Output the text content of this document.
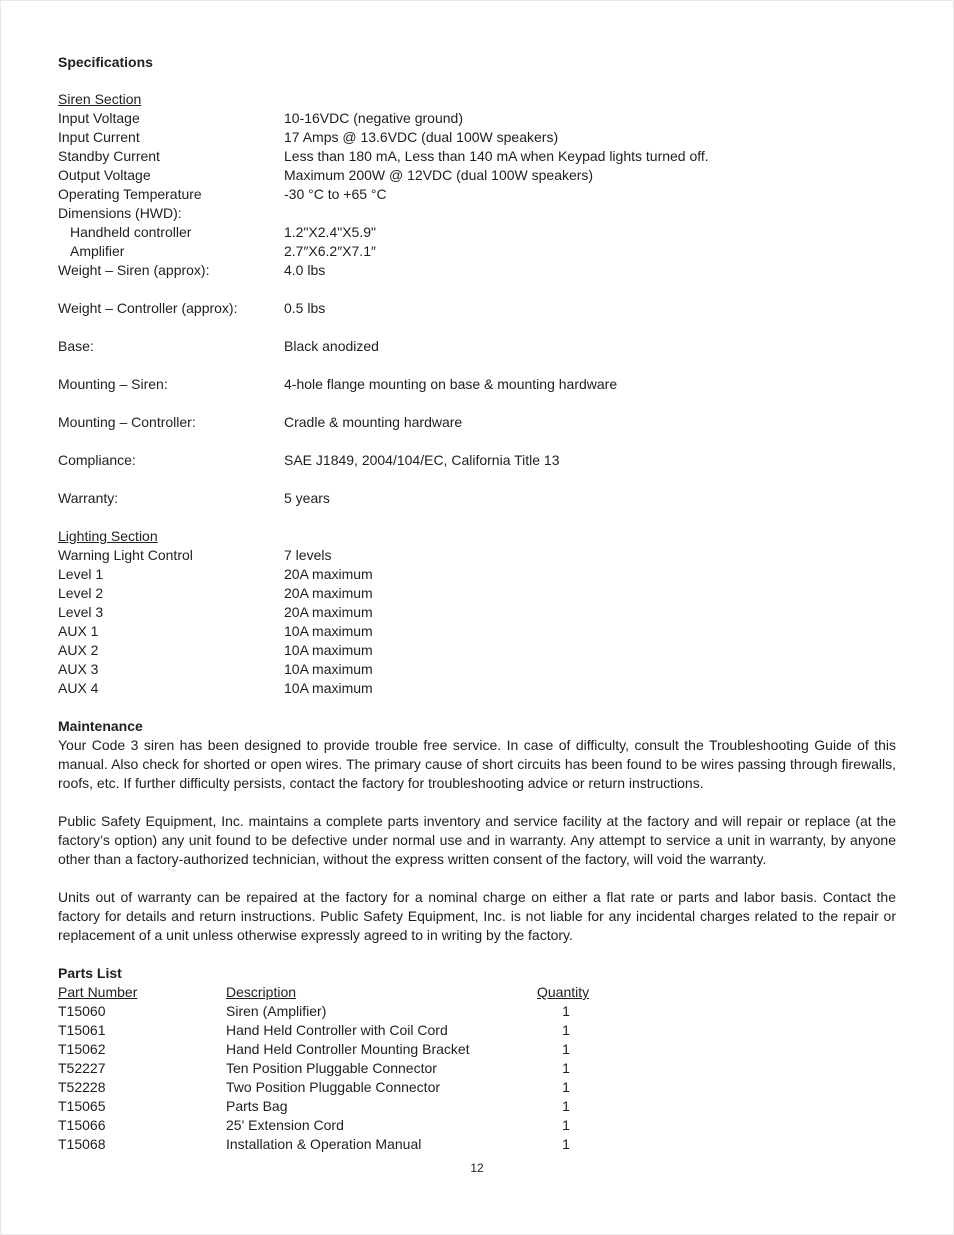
Specifications
Siren Section
Input Voltage	10-16VDC (negative ground)
Input Current	17 Amps @ 13.6VDC (dual 100W speakers)
Standby Current	Less than 180 mA, Less than 140 mA when Keypad lights turned off.
Output Voltage	Maximum 200W @ 12VDC (dual 100W speakers)
Operating Temperature	-30 °C to +65 °C
Dimensions (HWD):
Handheld controller	1.2"X2.4"X5.9"
Amplifier	2.7″X6.2″X7.1″
Weight – Siren (approx):	4.0 lbs
Weight – Controller (approx):	0.5 lbs
Base:	Black anodized
Mounting – Siren:	4-hole flange mounting on base & mounting hardware
Mounting – Controller:	Cradle & mounting hardware
Compliance:	SAE J1849, 2004/104/EC, California Title 13
Warranty:	5 years
Lighting Section
Warning Light Control	7 levels
Level 1	20A maximum
Level 2	20A maximum
Level 3	20A maximum
AUX 1	10A maximum
AUX 2	10A maximum
AUX 3	10A maximum
AUX 4	10A maximum
Maintenance

Your Code 3 siren has been designed to provide trouble free service. In case of difficulty, consult the Troubleshooting Guide of this manual. Also check for shorted or open wires. The primary cause of short circuits has been found to be wires passing through firewalls, roofs, etc. If further difficulty persists, contact the factory for troubleshooting advice or return instructions.

Public Safety Equipment, Inc. maintains a complete parts inventory and service facility at the factory and will repair or replace (at the factory’s option) any unit found to be defective under normal use and in warranty. Any attempt to service a unit in warranty, by anyone other than a factory-authorized technician, without the express written consent of the factory, will void the warranty.

Units out of warranty can be repaired at the factory for a nominal charge on either a flat rate or parts and labor basis. Contact the factory for details and return instructions. Public Safety Equipment, Inc. is not liable for any incidental charges related to the repair or replacement of a unit unless otherwise expressly agreed to in writing by the factory.

Parts List
Part Number	Description	Quantity
T15060	Siren (Amplifier)	1
T15061	Hand Held Controller with Coil Cord	1
T15062	Hand Held Controller Mounting Bracket	1
T52227	Ten Position Pluggable Connector	1
T52228	Two Position Pluggable Connector	1
T15065	Parts Bag	1
T15066	25' Extension Cord	1
T15068	Installation & Operation Manual	1
12
